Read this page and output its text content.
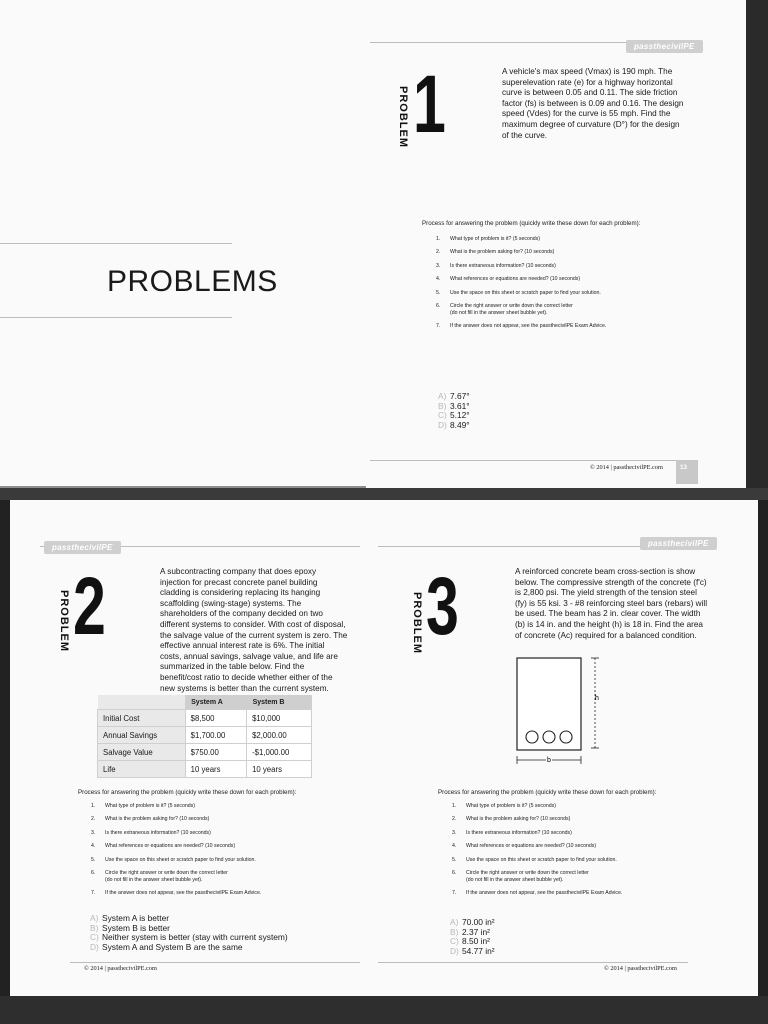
PROBLEMS
passthecivilPE
PROBLEM 1	A vehicle's max speed (Vmax) is 190 mph. The superelevation rate (e) for a highway horizontal curve is between 0.05 and 0.11. The side friction factor (fs) is between is 0.09 and 0.16. The design speed (Vdes) for the curve is 55 mph. Find the maximum degree of curvature (D°) for the design of the curve.
Process for answering the problem (quickly write these down for each problem):
1.	What type of problem is it? (5 seconds)
2.	What is the problem asking for? (10 seconds)
3.	Is there extraneous information? (10 seconds)
4.	What references or equations are needed? (10 seconds)
5.	Use the space on this sheet or scratch paper to find your solution.
6.	Circle the right answer or write down the correct letter
(do not fill in the answer sheet bubble yet).
7.	If the answer does not appear, see the passthecivilPE Exam Advice.
A) 7.67°
B) 3.61°
C) 5.12°
D) 8.49°
© 2014 | passthecivilPE.com	13
passthecivilPE
PROBLEM 2	A subcontracting company that does epoxy injection for precast concrete panel building cladding is considering replacing its hanging scaffolding (swing-stage) systems. The shareholders of the company decided on two different systems to consider. With cost of disposal, the salvage value of the current system is zero. The effective annual interest rate is 6%. The initial costs, annual savings, salvage value, and life are summarized in the table below. Find the benefit/cost ratio to decide whether either of the new systems is better than the current system.
	System A	System B
Initial Cost	$8,500	$10,000
Annual Savings	$1,700.00	$2,000.00
Salvage Value	$750.00	-$1,000.00
Life	10 years	10 years
Process for answering the problem (quickly write these down for each problem):
1.	What type of problem is it? (5 seconds)
2.	What is the problem asking for? (10 seconds)
3.	Is there extraneous information? (10 seconds)
4.	What references or equations are needed? (10 seconds)
5.	Use the space on this sheet or scratch paper to find your solution.
6.	Circle the right answer or write down the correct letter
(do not fill in the answer sheet bubble yet).
7.	If the answer does not appear, see the passthecivilPE Exam Advice.
A) System A is better
B) System B is better
C) Neither system is better (stay with current system)
D) System A and System B are the same
© 2014 | passthecivilPE.com
passthecivilPE
PROBLEM 3	A reinforced concrete beam cross-section is show below. The compressive strength of the concrete (f'c) is 2,800 psi. The yield strength of the tension steel (fy) is 55 ksi. 3 - #8 reinforcing steel bars (rebars) will be used. The beam has 2 in. clear cover. The width (b) is 14 in. and the height (h) is 18 in. Find the area of concrete (Ac) required for a balanced condition.
h
b
Process for answering the problem (quickly write these down for each problem):
1.	What type of problem is it? (5 seconds)
2.	What is the problem asking for? (10 seconds)
3.	Is there extraneous information? (10 seconds)
4.	What references or equations are needed? (10 seconds)
5.	Use the space on this sheet or scratch paper to find your solution.
6.	Circle the right answer or write down the correct letter
(do not fill in the answer sheet bubble yet).
7.	If the answer does not appear, see the passthecivilPE Exam Advice.
A) 70.00 in²
B) 2.37 in²
C) 8.50 in²
D) 54.77 in²
© 2014 | passthecivilPE.com
